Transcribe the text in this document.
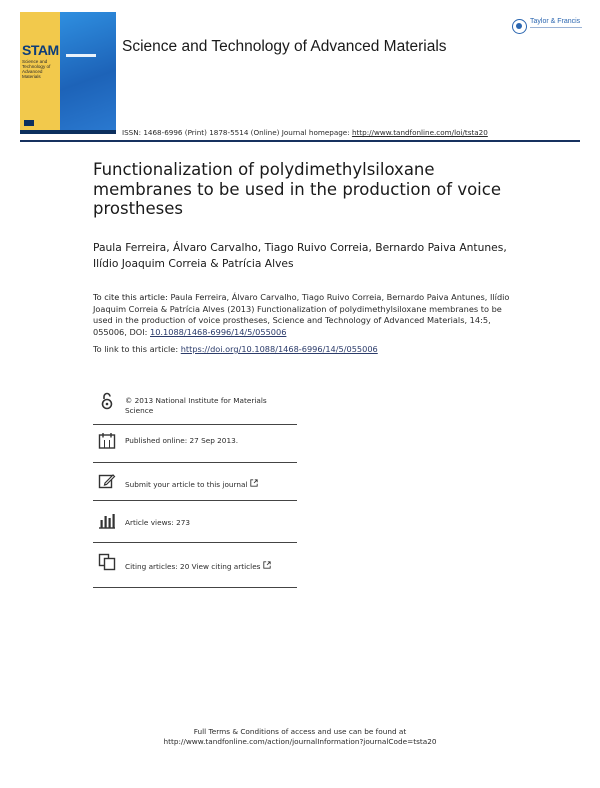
STAM
Science and Technology of Advanced Materials
Science and Technology of Advanced Materials
Taylor & Francis
ISSN: 1468-6996 (Print) 1878-5514 (Online) Journal homepage: http://www.tandfonline.com/loi/tsta20
Functionalization of polydimethylsiloxane membranes to be used in the production of voice prostheses
Paula Ferreira, Álvaro Carvalho, Tiago Ruivo Correia, Bernardo Paiva Antunes, Ilídio Joaquim Correia & Patrícia Alves
To cite this article: Paula Ferreira, Álvaro Carvalho, Tiago Ruivo Correia, Bernardo Paiva Antunes, Ilídio Joaquim Correia & Patrícia Alves (2013) Functionalization of polydimethylsiloxane membranes to be used in the production of voice prostheses, Science and Technology of Advanced Materials, 14:5, 055006, DOI: 10.1088/1468-6996/14/5/055006
To link to this article: https://doi.org/10.1088/1468-6996/14/5/055006
© 2013 National Institute for Materials Science
Published online: 27 Sep 2013.
Submit your article to this journal
Article views: 273
Citing articles: 20 View citing articles
Full Terms & Conditions of access and use can be found at
http://www.tandfonline.com/action/journalInformation?journalCode=tsta20
